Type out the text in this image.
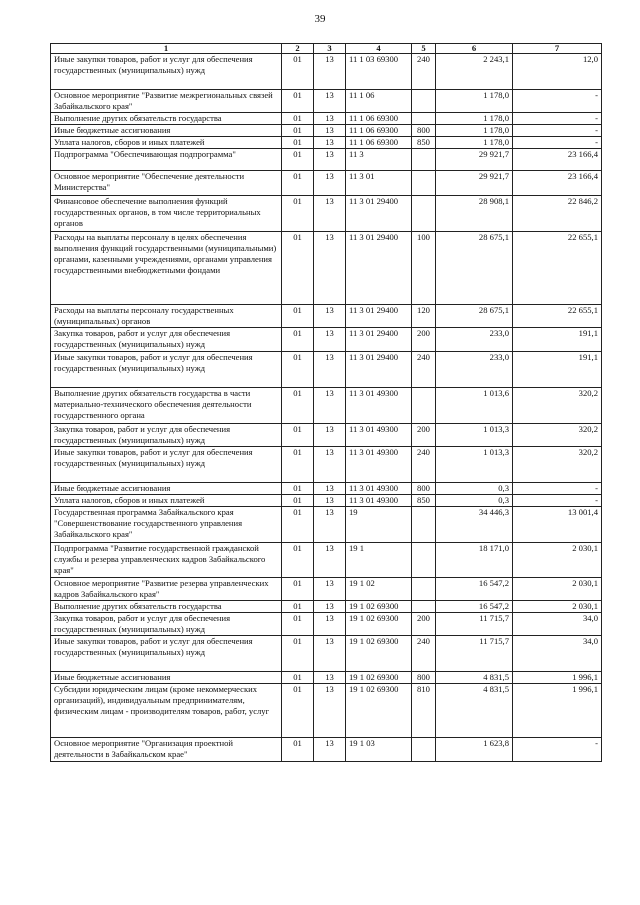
39
1	2	3	4	5	6	7
Иные закупки товаров, работ и услуг для обеспечения государственных (муниципальных) нужд	01	13	11 1 03 69300	240	2 243,1	12,0
Основное мероприятие "Развитие межрегиональных связей Забайкальского края"	01	13	11 1 06		1 178,0	-
Выполнение других обязательств государства	01	13	11 1 06 69300		1 178,0	-
Иные бюджетные ассигнования	01	13	11 1 06 69300	800	1 178,0	-
Уплата налогов, сборов и иных платежей	01	13	11 1 06 69300	850	1 178,0	-
Подпрограмма "Обеспечивающая подпрограмма"	01	13	11 3		29 921,7	23 166,4
Основное мероприятие "Обеспечение деятельности Министерства"	01	13	11 3 01		29 921,7	23 166,4
Финансовое обеспечение выполнения функций государственных органов, в том числе территориальных органов	01	13	11 3 01 29400		28 908,1	22 846,2
Расходы на выплаты персоналу в целях обеспечения выполнения функций государственными (муниципальными) органами, казенными учреждениями, органами управления государственными внебюджетными фондами	01	13	11 3 01 29400	100	28 675,1	22 655,1
Расходы на выплаты персоналу государственных (муниципальных) органов	01	13	11 3 01 29400	120	28 675,1	22 655,1
Закупка товаров, работ и услуг для обеспечения государственных (муниципальных) нужд	01	13	11 3 01 29400	200	233,0	191,1
Иные закупки товаров, работ и услуг для обеспечения государственных (муниципальных) нужд	01	13	11 3 01 29400	240	233,0	191,1
Выполнение других обязательств государства в части материально-технического обеспечения деятельности государственного органа	01	13	11 3 01 49300		1 013,6	320,2
Закупка товаров, работ и услуг для обеспечения государственных (муниципальных) нужд	01	13	11 3 01 49300	200	1 013,3	320,2
Иные закупки товаров, работ и услуг для обеспечения государственных (муниципальных) нужд	01	13	11 3 01 49300	240	1 013,3	320,2
Иные бюджетные ассигнования	01	13	11 3 01 49300	800	0,3	-
Уплата налогов, сборов и иных платежей	01	13	11 3 01 49300	850	0,3	-
Государственная программа Забайкальского края "Совершенствование государственного управления Забайкальского края"	01	13	19		34 446,3	13 001,4
Подпрограмма "Развитие государственной гражданской службы и резерва управленческих кадров Забайкальского края"	01	13	19 1		18 171,0	2 030,1
Основное мероприятие "Развитие резерва управленческих кадров Забайкальского края"	01	13	19 1 02		16 547,2	2 030,1
Выполнение других обязательств государства	01	13	19 1 02 69300		16 547,2	2 030,1
Закупка товаров, работ и услуг для обеспечения государственных (муниципальных) нужд	01	13	19 1 02 69300	200	11 715,7	34,0
Иные закупки товаров, работ и услуг для обеспечения государственных (муниципальных) нужд	01	13	19 1 02 69300	240	11 715,7	34,0
Иные бюджетные ассигнования	01	13	19 1 02 69300	800	4 831,5	1 996,1
Субсидии юридическим лицам (кроме некоммерческих организаций), индивидуальным предпринимателям, физическим лицам - производителям товаров, работ, услуг	01	13	19 1 02 69300	810	4 831,5	1 996,1
Основное мероприятие "Организация проектной деятельности в Забайкальском крае"	01	13	19 1 03		1 623,8	-
